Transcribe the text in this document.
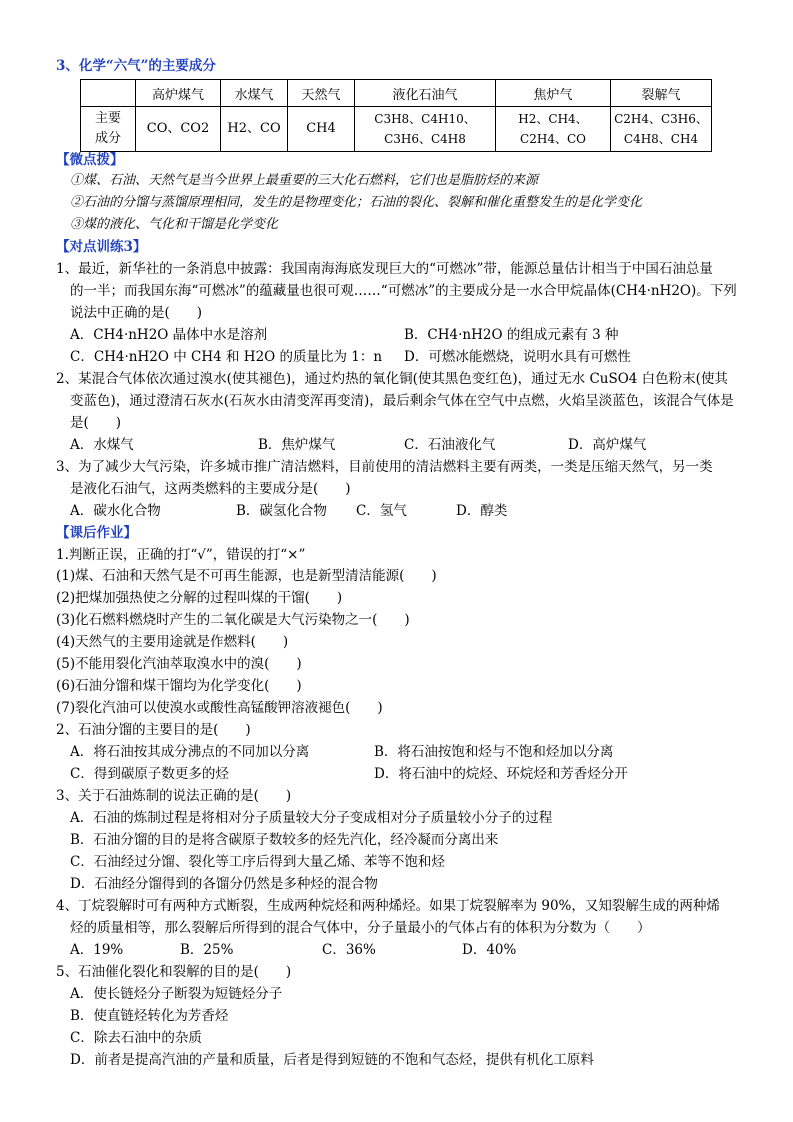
3、化学“六气”的主要成分
	高炉煤气	水煤气	天然气	液化石油气	焦炉气	裂解气

主要
成分	CO、CO2	H2、CO	CH4	C3H8、C4H10、C3H6、C4H8	H2、CH4、C2H4、CO	C2H4、C3H6、C4H8、CH4
【微点拨】
①煤、石油、天然气是当今世界上最重要的三大化石燃料，它们也是脂肪烃的来源
②石油的分馏与蒸馏原理相同，发生的是物理变化；石油的裂化、裂解和催化重整发生的是化学变化
③煤的液化、气化和干馏是化学变化
【对点训练3】
1、最近，新华社的一条消息中披露：我国南海海底发现巨大的“可燃冰”带，能源总量估计相当于中国石油总量
的一半；而我国东海“可燃冰”的蕴藏量也很可观……“可燃冰”的主要成分是一水合甲烷晶体(CH4·nH2O)。下列
说法中正确的是(　　)
A．CH4·nH2O 晶体中水是溶剂	B．CH4·nH2O 的组成元素有 3 种
C．CH4·nH2O 中 CH4 和 H2O 的质量比为 1：n D．可燃冰能燃烧，说明水具有可燃性
2、某混合气体依次通过溴水(使其褪色)，通过灼热的氧化铜(使其黑色变红色)，通过无水 CuSO4 白色粉末(使其
变蓝色)，通过澄清石灰水(石灰水由清变浑再变清)，最后剩余气体在空气中点燃，火焰呈淡蓝色，该混合气体是
是(　　)
A．水煤气	B．焦炉煤气	C．石油液化气	D．高炉煤气
3、为了减少大气污染，许多城市推广清洁燃料，目前使用的清洁燃料主要有两类，一类是压缩天然气，另一类
是液化石油气，这两类燃料的主要成分是(　　)
A．碳水化合物	B．碳氢化合物 C．氢气	D．醇类
【课后作业】
1.判断正误，正确的打“√”，错误的打“×”
(1)煤、石油和天然气是不可再生能源，也是新型清洁能源(　　)
(2)把煤加强热使之分解的过程叫煤的干馏(　　)
(3)化石燃料燃烧时产生的二氧化碳是大气污染物之一(　　)
(4)天然气的主要用途就是作燃料(　　)
(5)不能用裂化汽油萃取溴水中的溴(　　)
(6)石油分馏和煤干馏均为化学变化(　　)
(7)裂化汽油可以使溴水或酸性高锰酸钾溶液褪色(　　)
2、石油分馏的主要目的是(　　)
A．将石油按其成分沸点的不同加以分离	B．将石油按饱和烃与不饱和烃加以分离
C．得到碳原子数更多的烃	D．将石油中的烷烃、环烷烃和芳香烃分开
3、关于石油炼制的说法正确的是(　　)
A．石油的炼制过程是将相对分子质量较大分子变成相对分子质量较小分子的过程
B．石油分馏的目的是将含碳原子数较多的烃先汽化，经冷凝而分离出来
C．石油经过分馏、裂化等工序后得到大量乙烯、苯等不饱和烃
D．石油经分馏得到的各馏分仍然是多种烃的混合物
4、丁烷裂解时可有两种方式断裂，生成两种烷烃和两种烯烃。如果丁烷裂解率为 90%，又知裂解生成的两种烯
烃的质量相等，那么裂解后所得到的混合气体中，分子量最小的气体占有的体积为分数为（　　）
A．19%	B．25%	C．36%	D．40%
5、石油催化裂化和裂解的目的是(　　)
A．使长链烃分子断裂为短链烃分子
B．使直链烃转化为芳香烃
C．除去石油中的杂质
D．前者是提高汽油的产量和质量，后者是得到短链的不饱和气态烃，提供有机化工原料
